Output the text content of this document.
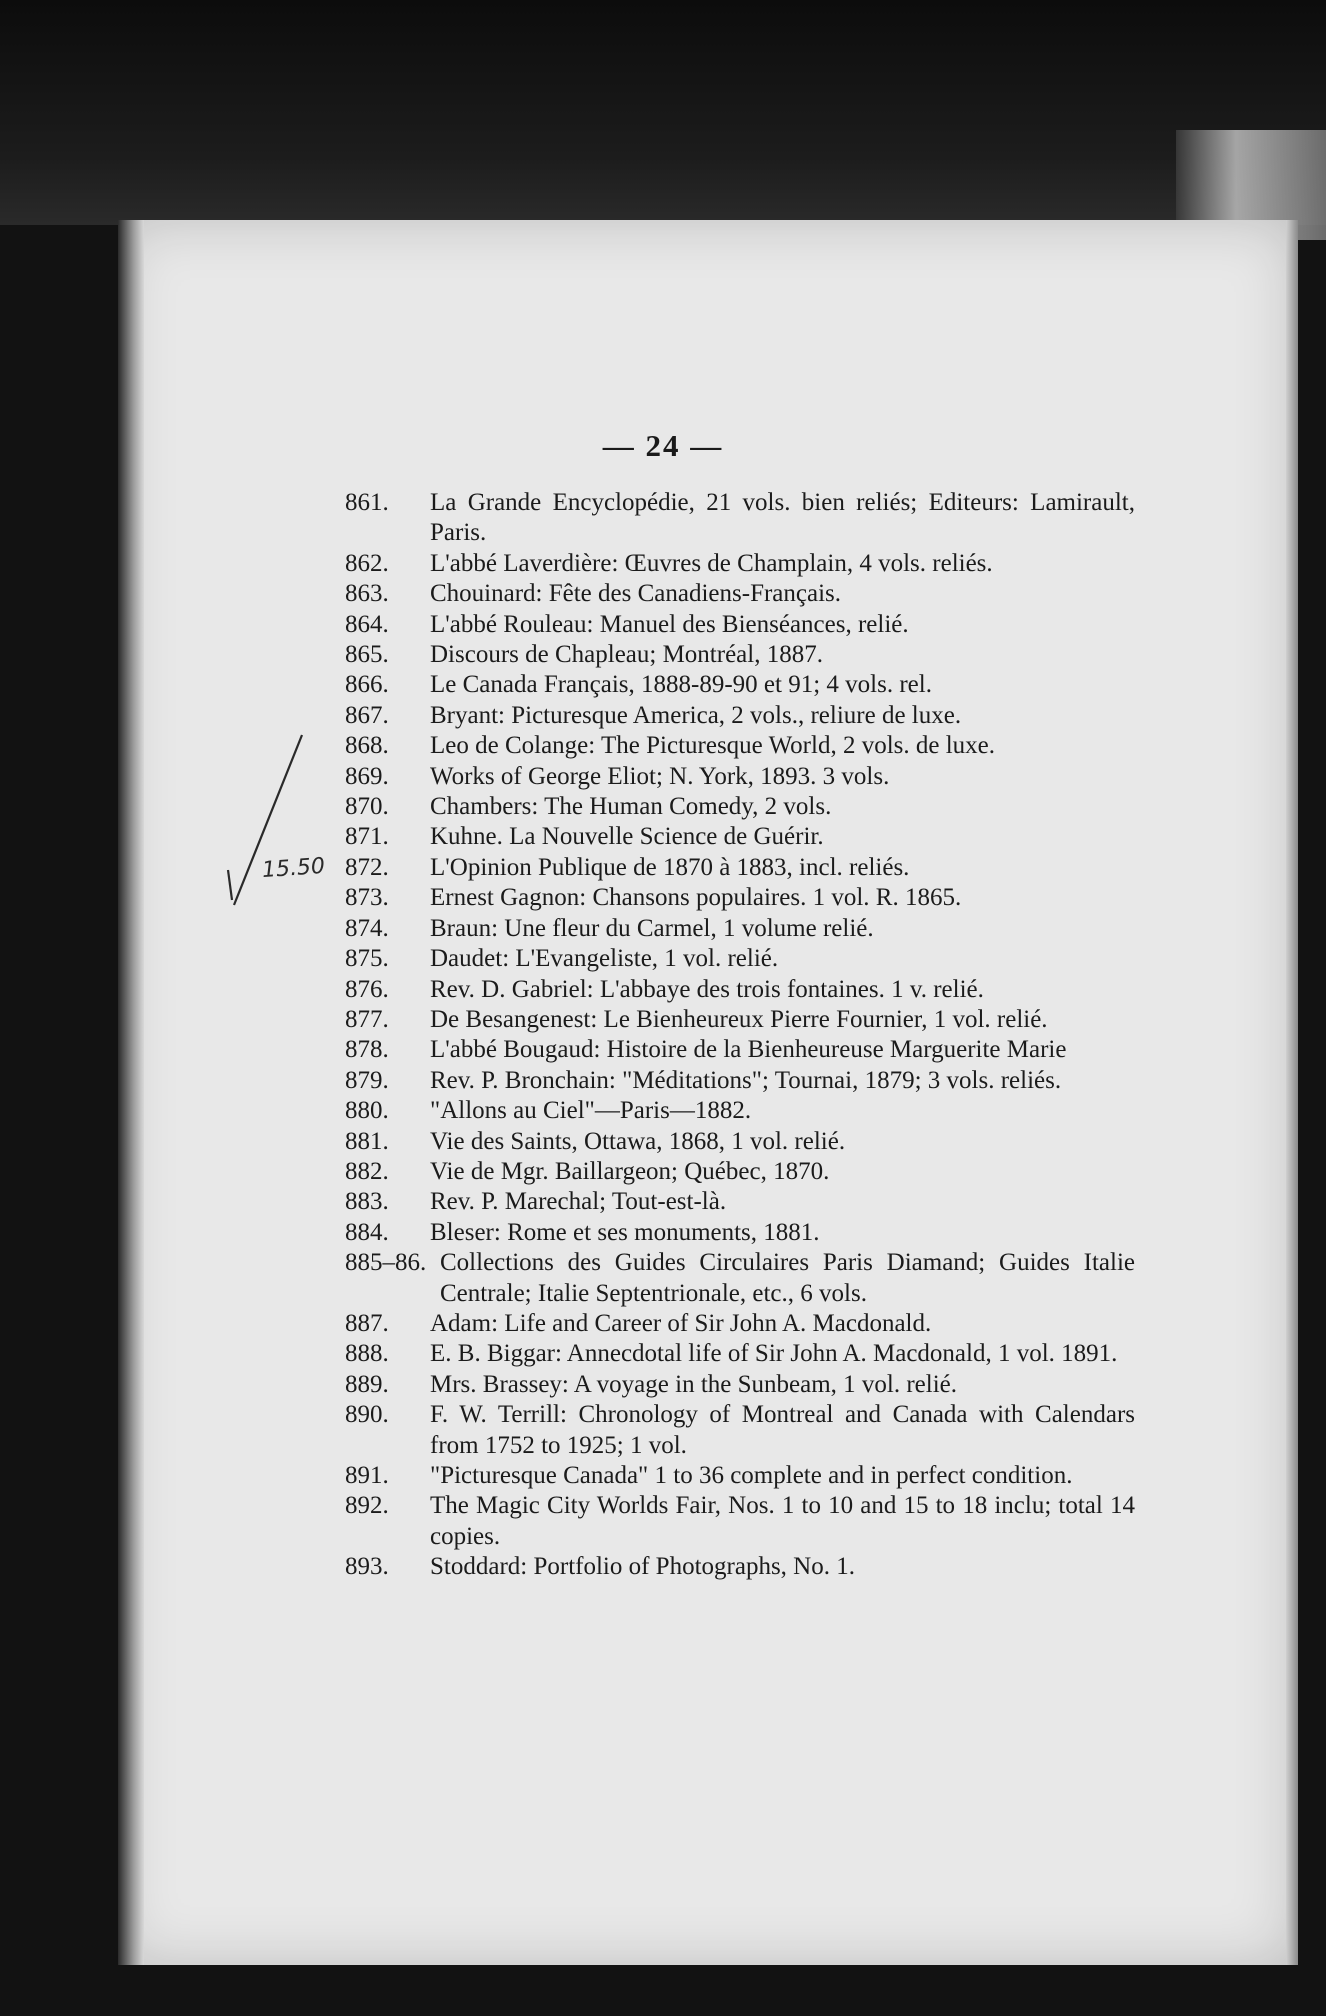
15.50
— 24 —
861. La Grande Encyclopédie, 21 vols. bien reliés; Editeurs: Lamirault, Paris.
862. L'abbé Laverdière: Œuvres de Champlain, 4 vols. reliés.
863. Chouinard: Fête des Canadiens-Français.
864. L'abbé Rouleau: Manuel des Bienséances, relié.
865. Discours de Chapleau; Montréal, 1887.
866. Le Canada Français, 1888-89-90 et 91; 4 vols. rel.
867. Bryant: Picturesque America, 2 vols., reliure de luxe.
868. Leo de Colange: The Picturesque World, 2 vols. de luxe.
869. Works of George Eliot; N. York, 1893. 3 vols.
870. Chambers: The Human Comedy, 2 vols.
871. Kuhne. La Nouvelle Science de Guérir.
872. L'Opinion Publique de 1870 à 1883, incl. reliés.
873. Ernest Gagnon: Chansons populaires. 1 vol. R. 1865.
874. Braun: Une fleur du Carmel, 1 volume relié.
875. Daudet: L'Evangeliste, 1 vol. relié.
876. Rev. D. Gabriel: L'abbaye des trois fontaines. 1 v. relié.
877. De Besangenest: Le Bienheureux Pierre Fournier, 1 vol. relié.
878. L'abbé Bougaud: Histoire de la Bienheureuse Marguerite Marie
879. Rev. P. Bronchain: "Méditations"; Tournai, 1879; 3 vols. reliés.
880. "Allons au Ciel"—Paris—1882.
881. Vie des Saints, Ottawa, 1868, 1 vol. relié.
882. Vie de Mgr. Baillargeon; Québec, 1870.
883. Rev. P. Marechal; Tout-est-là.
884. Bleser: Rome et ses monuments, 1881.
885–86. Collections des Guides Circulaires Paris Diamand; Guides Italie Centrale; Italie Septentrionale, etc., 6 vols.
887. Adam: Life and Career of Sir John A. Macdonald.
888. E. B. Biggar: Annecdotal life of Sir John A. Macdonald, 1 vol. 1891.
889. Mrs. Brassey: A voyage in the Sunbeam, 1 vol. relié.
890. F. W. Terrill: Chronology of Montreal and Canada with Calendars from 1752 to 1925; 1 vol.
891. "Picturesque Canada" 1 to 36 complete and in perfect condition.
892. The Magic City Worlds Fair, Nos. 1 to 10 and 15 to 18 inclu; total 14 copies.
893. Stoddard: Portfolio of Photographs, No. 1.
